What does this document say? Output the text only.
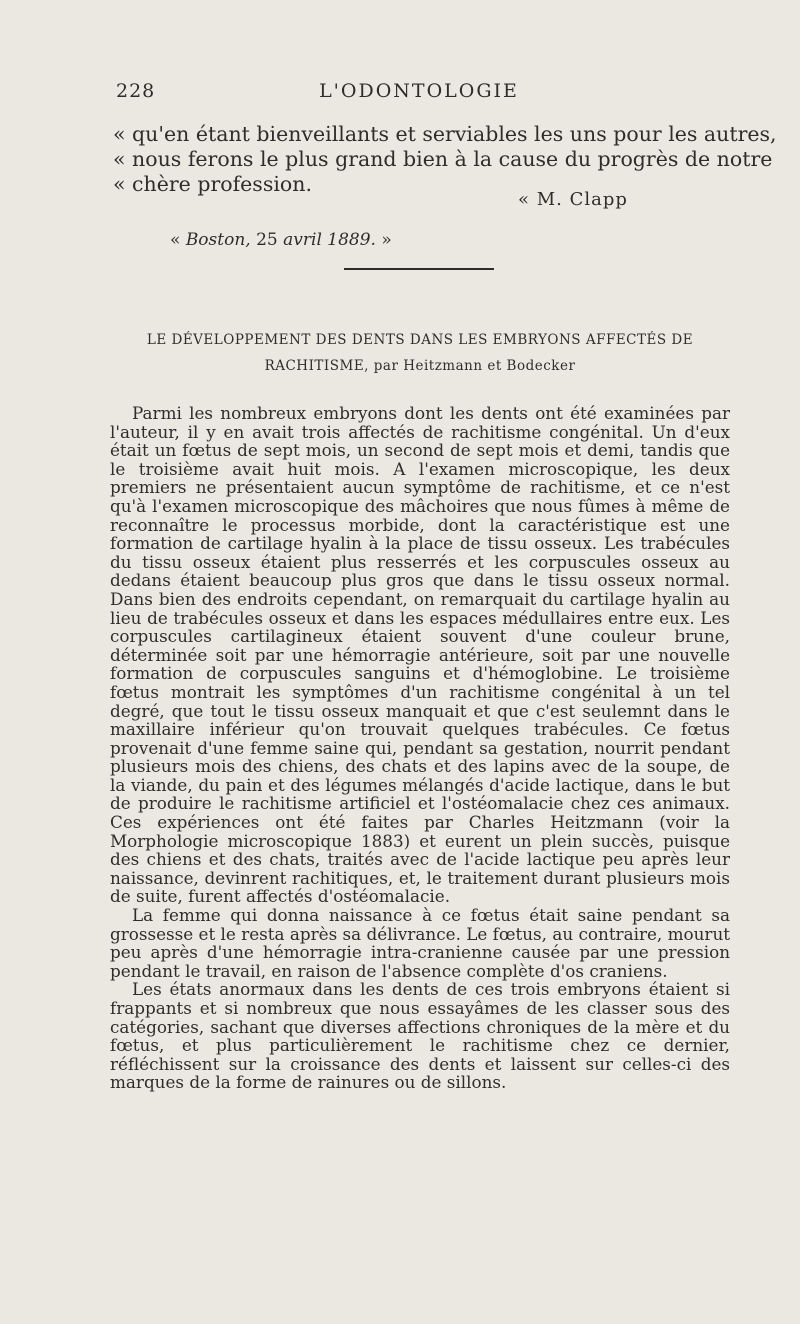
228	L'ODONTOLOGIE
« qu'en étant bienveillants et serviables les uns pour les autres,
« nous ferons le plus grand bien à la cause du progrès de notre
« chère profession.
« M. Clapp
« Boston, 25 avril 1889. »
LE DÉVELOPPEMENT DES DENTS DANS LES EMBRYONS AFFECTÉS DE
RACHITISME, par Heitzmann et Bodecker

Parmi les nombreux embryons dont les dents ont été examinées par l'auteur, il y en avait trois affectés de rachitisme congénital. Un d'eux était un fœtus de sept mois, un second de sept mois et demi, tandis que le troisième avait huit mois. A l'examen microscopique, les deux premiers ne présentaient aucun symptôme de rachitisme, et ce n'est qu'à l'examen microscopique des mâchoires que nous fûmes à même de reconnaître le processus morbide, dont la caractéristique est une formation de cartilage hyalin à la place de tissu osseux. Les trabécules du tissu osseux étaient plus resserrés et les corpuscules osseux au dedans étaient beaucoup plus gros que dans le tissu osseux normal. Dans bien des endroits cependant, on remarquait du cartilage hyalin au lieu de trabécules osseux et dans les espaces médullaires entre eux. Les corpuscules cartilagineux étaient souvent d'une couleur brune, déterminée soit par une hémorragie antérieure, soit par une nouvelle formation de corpuscules sanguins et d'hémoglobine. Le troisième fœtus montrait les symptômes d'un rachitisme congénital à un tel degré, que tout le tissu osseux manquait et que c'est seulemnt dans le maxillaire inférieur qu'on trouvait quelques trabécules. Ce fœtus provenait d'une femme saine qui, pendant sa gestation, nourrit pendant plusieurs mois des chiens, des chats et des lapins avec de la soupe, de la viande, du pain et des légumes mélangés d'acide lactique, dans le but de produire le rachitisme artificiel et l'ostéomalacie chez ces animaux. Ces expériences ont été faites par Charles Heitzmann (voir la Morphologie microscopique 1883) et eurent un plein succès, puisque des chiens et des chats, traités avec de l'acide lactique peu après leur naissance, devinrent rachitiques, et, le traitement durant plusieurs mois de suite, furent affectés d'ostéomalacie.

La femme qui donna naissance à ce fœtus était saine pendant sa grossesse et le resta après sa délivrance. Le fœtus, au contraire, mourut peu après d'une hémorragie intra-cranienne causée par une pression pendant le travail, en raison de l'absence complète d'os craniens.

Les états anormaux dans les dents de ces trois embryons étaient si frappants et si nombreux que nous essayâmes de les classer sous des catégories, sachant que diverses affections chroniques de la mère et du fœtus, et plus particulièrement le rachitisme chez ce dernier, réfléchissent sur la croissance des dents et laissent sur celles-ci des marques de la forme de rainures ou de sillons.
